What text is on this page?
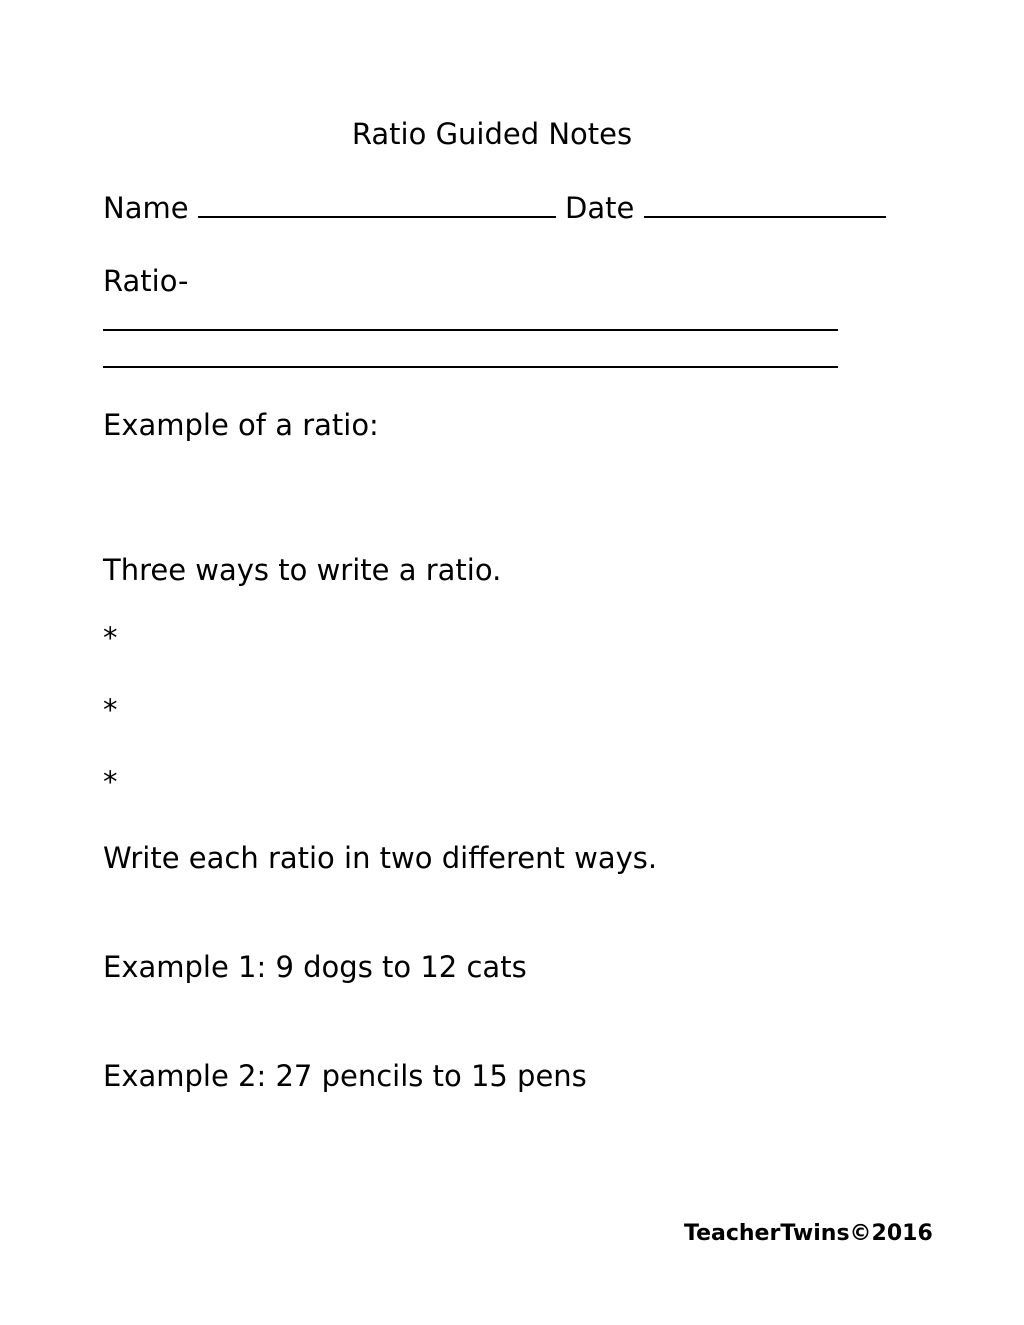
Ratio Guided Notes
Name	Date
Ratio-
Example of a ratio:
Three ways to write a ratio.
*
*
*
Write each ratio in two different ways.
Example 1: 9 dogs to 12 cats
Example 2: 27 pencils to 15 pens
TeacherTwins©2016
